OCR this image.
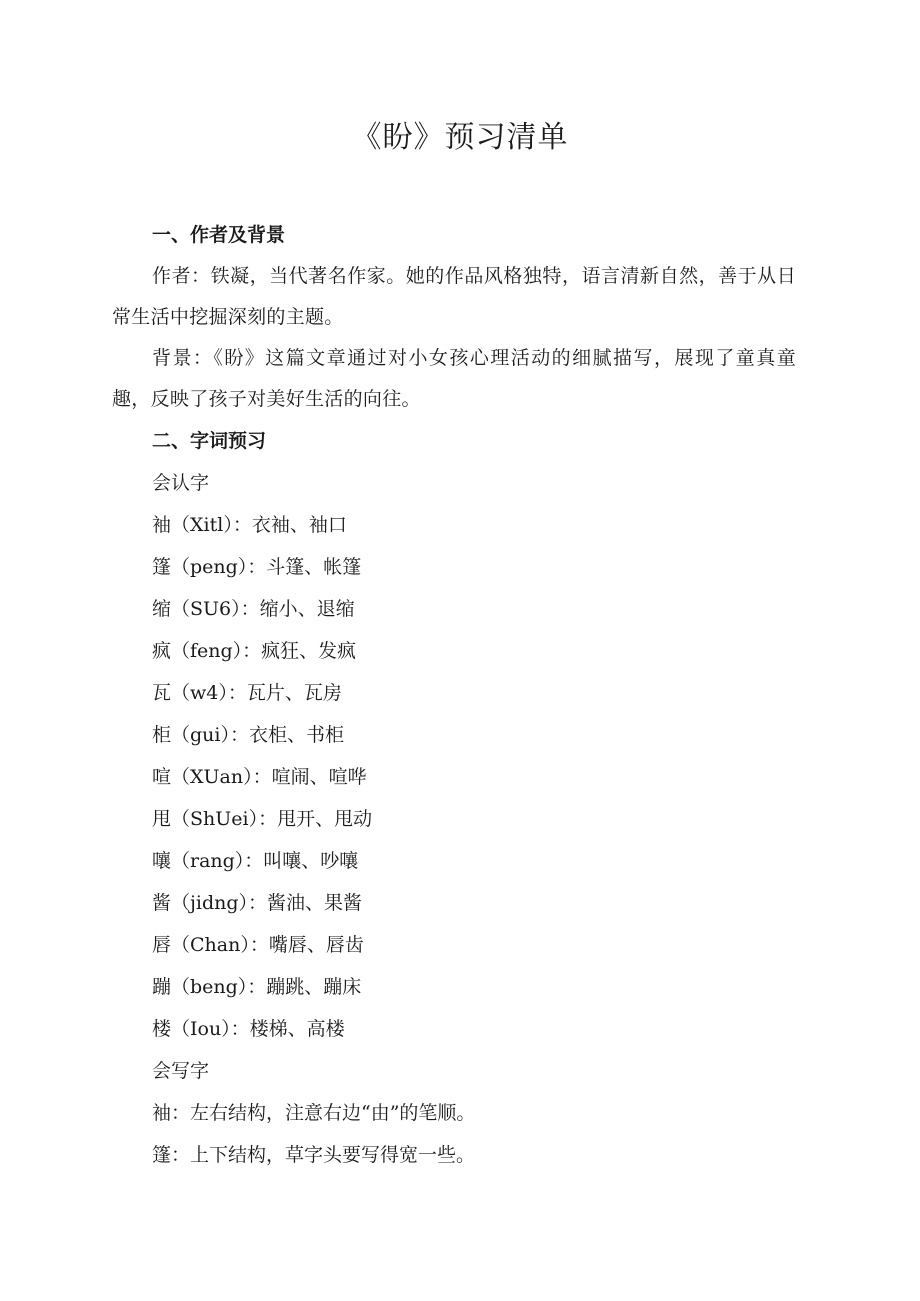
《盼》预习清单
一、作者及背景

作者：铁凝，当代著名作家。她的作品风格独特，语言清新自然，善于从日常生活中挖掘深刻的主题。

背景：《盼》这篇文章通过对小女孩心理活动的细腻描写，展现了童真童趣，反映了孩子对美好生活的向往。

二、字词预习

会认字

袖（Xitl）：衣袖、袖口
篷（peng）：斗篷、帐篷
缩（SU6）：缩小、退缩
疯（feng）：疯狂、发疯
瓦（w4）：瓦片、瓦房
柜（gui）：衣柜、书柜
喧（XUan）：喧闹、喧哗
甩（ShUei）：甩开、甩动
嚷（rang）：叫嚷、吵嚷
酱（jidng）：酱油、果酱
唇（Chan）：嘴唇、唇齿
蹦（beng）：蹦跳、蹦床
楼（Iou）：楼梯、高楼

会写字

袖：左右结构，注意右边“由”的笔顺。
篷：上下结构，草字头要写得宽一些。
